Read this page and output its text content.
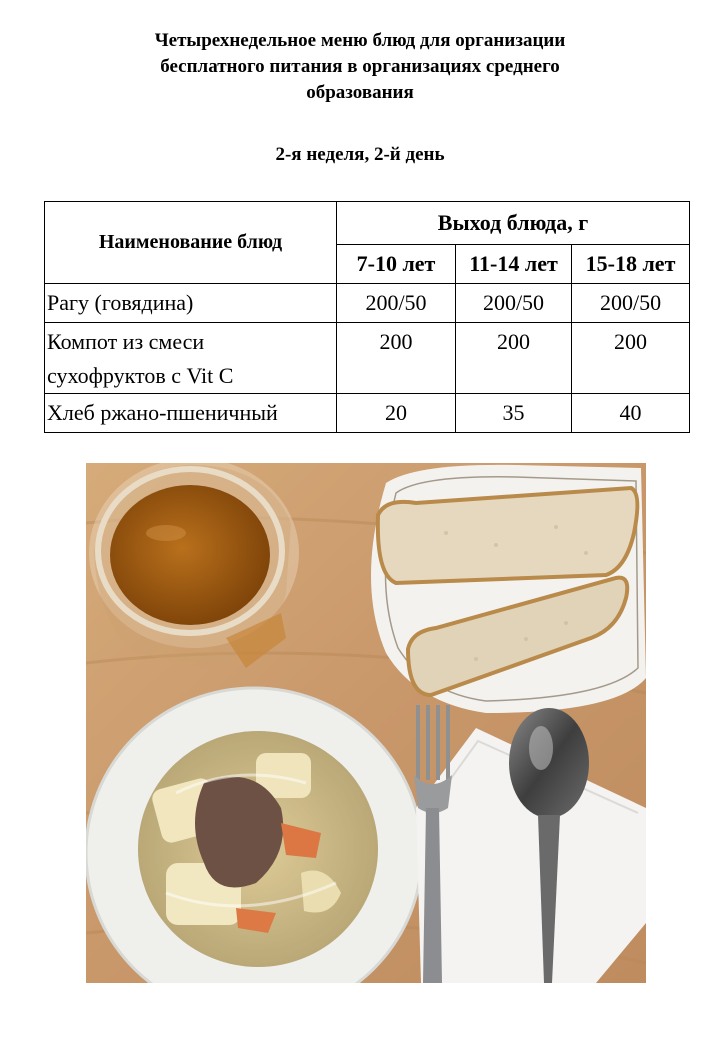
Четырехнедельное меню блюд для организации
бесплатного питания в организациях среднего
образования
2-я неделя, 2-й день
Наименование блюд	Выход блюда, г		
	7-10 лет	11-14 лет	15-18 лет
Рагу (говядина)	200/50	200/50	200/50

Компот из смеси
сухофруктов с Vit C	200	200	200
Хлеб ржано-пшеничный	20	35	40
